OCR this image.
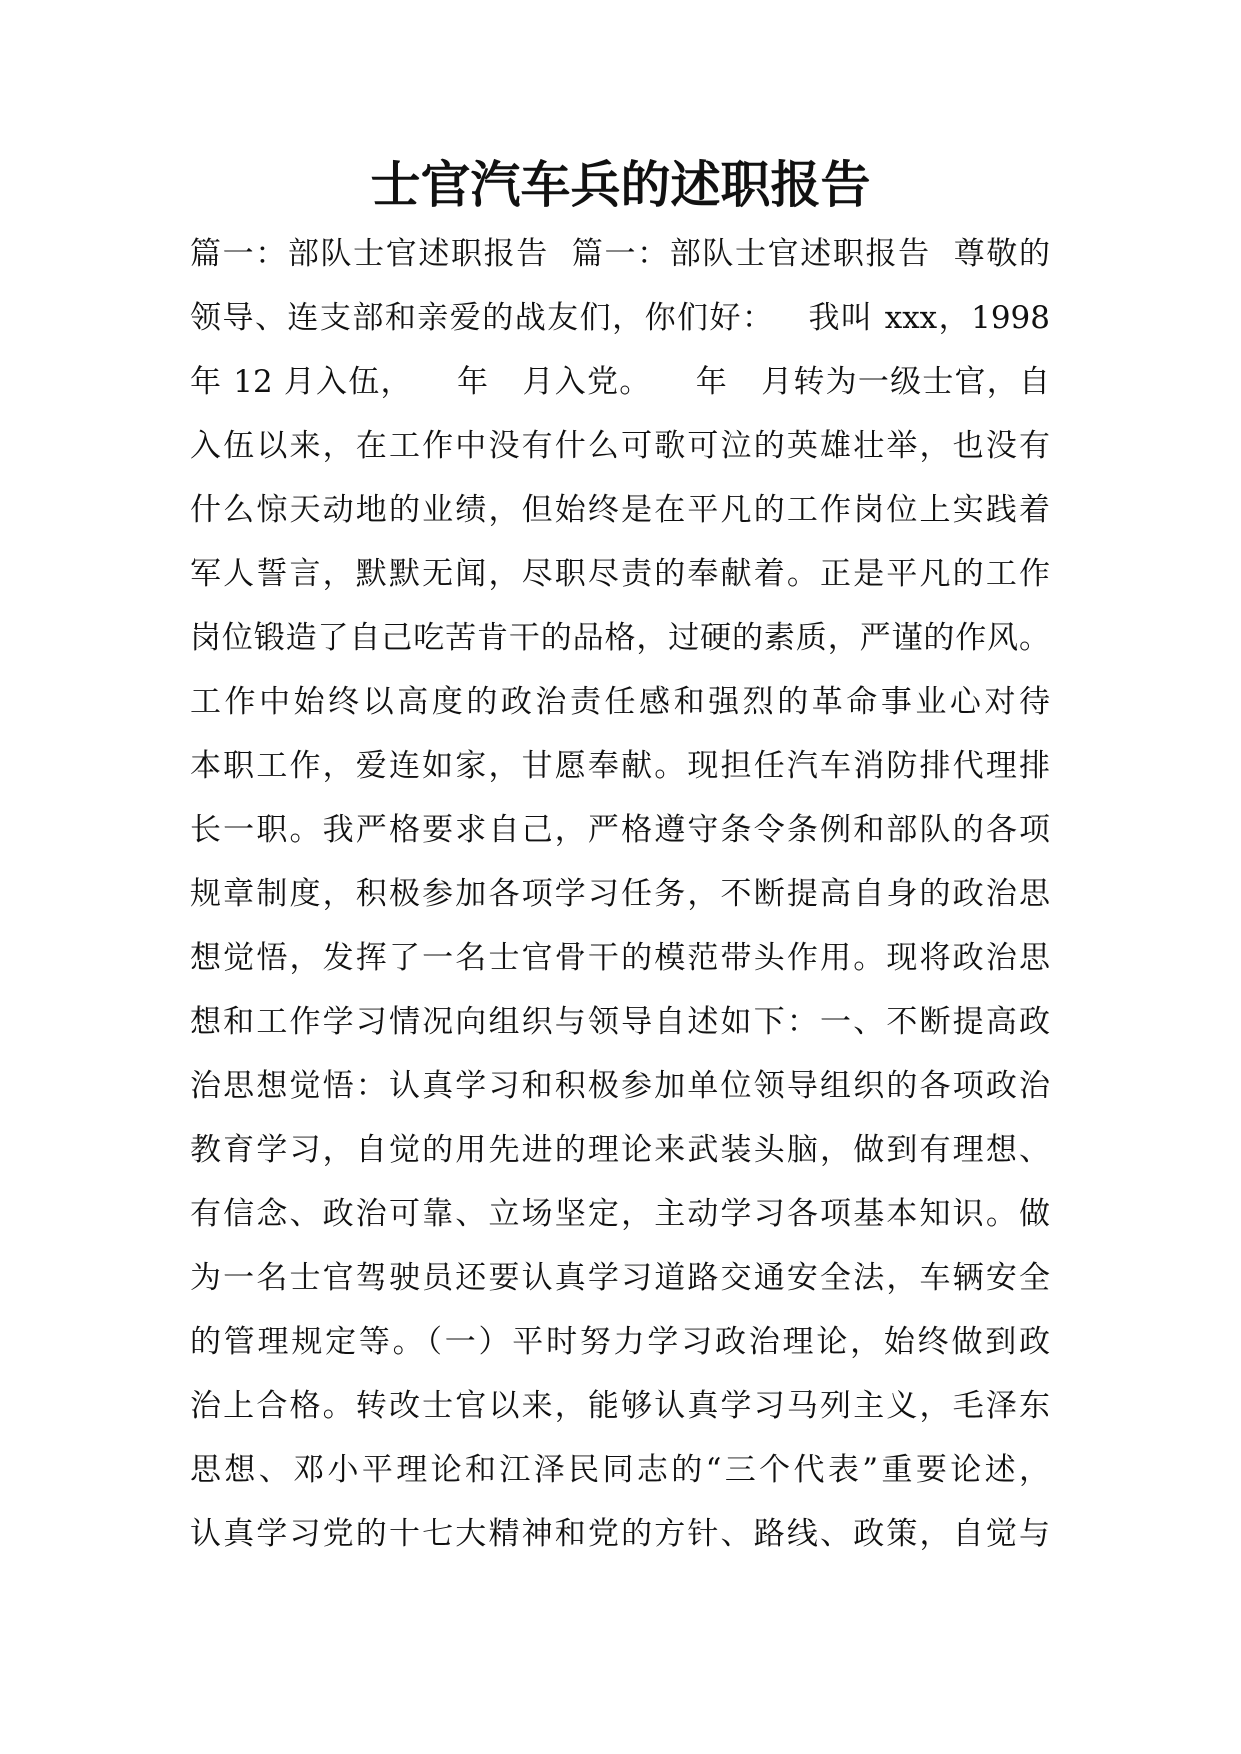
士官汽车兵的述职报告
篇一：部队士官述职报告  篇一：部队士官述职报告  尊敬的
领导、连支部和亲爱的战友们，你们好：   我叫 xxx，1998
年 12 月入伍，    年   月入党。    年   月转为一级士官，自
入伍以来，在工作中没有什么可歌可泣的英雄壮举，也没有
什么惊天动地的业绩，但始终是在平凡的工作岗位上实践着
军人誓言，默默无闻，尽职尽责的奉献着。正是平凡的工作
岗位锻造了自己吃苦肯干的品格，过硬的素质，严谨的作风。
工作中始终以高度的政治责任感和强烈的革命事业心对待
本职工作，爱连如家，甘愿奉献。现担任汽车消防排代理排
长一职。我严格要求自己，严格遵守条令条例和部队的各项
规章制度，积极参加各项学习任务，不断提高自身的政治思
想觉悟，发挥了一名士官骨干的模范带头作用。现将政治思
想和工作学习情况向组织与领导自述如下：一、不断提高政
治思想觉悟：认真学习和积极参加单位领导组织的各项政治
教育学习，自觉的用先进的理论来武装头脑，做到有理想、
有信念、政治可靠、立场坚定，主动学习各项基本知识。做
为一名士官驾驶员还要认真学习道路交通安全法，车辆安全
的管理规定等。（一）平时努力学习政治理论，始终做到政
治上合格。转改士官以来，能够认真学习马列主义，毛泽东
思想、邓小平理论和江泽民同志的“三个代表”重要论述，
认真学习党的十七大精神和党的方针、路线、政策，自觉与
